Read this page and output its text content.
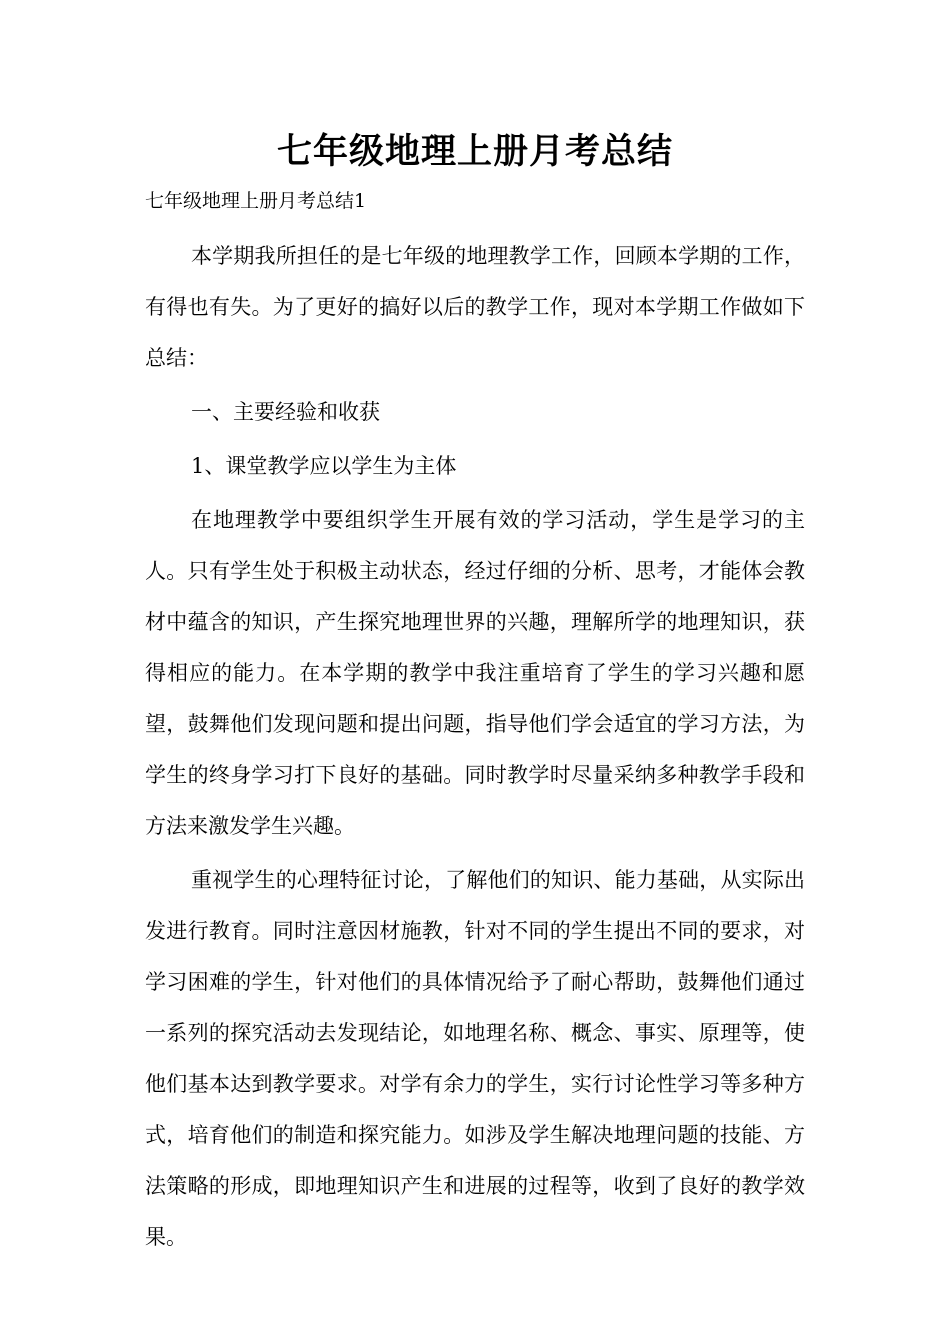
七年级地理上册月考总结

七年级地理上册月考总结1

本学期我所担任的是七年级的地理教学工作，回顾本学期的工作，有得也有失。为了更好的搞好以后的教学工作，现对本学期工作做如下总结：

一、主要经验和收获

1、课堂教学应以学生为主体

在地理教学中要组织学生开展有效的学习活动，学生是学习的主人。只有学生处于积极主动状态，经过仔细的分析、思考，才能体会教材中蕴含的知识，产生探究地理世界的兴趣，理解所学的地理知识，获得相应的能力。在本学期的教学中我注重培育了学生的学习兴趣和愿望，鼓舞他们发现问题和提出问题，指导他们学会适宜的学习方法，为学生的终身学习打下良好的基础。同时教学时尽量采纳多种教学手段和方法来激发学生兴趣。

重视学生的心理特征讨论，了解他们的知识、能力基础，从实际出发进行教育。同时注意因材施教，针对不同的学生提出不同的要求，对学习困难的学生，针对他们的具体情况给予了耐心帮助，鼓舞他们通过一系列的探究活动去发现结论，如地理名称、概念、事实、原理等，使他们基本达到教学要求。对学有余力的学生，实行讨论性学习等多种方式，培育他们的制造和探究能力。如涉及学生解决地理问题的技能、方法策略的形成，即地理知识产生和进展的过程等，收到了良好的教学效果。
